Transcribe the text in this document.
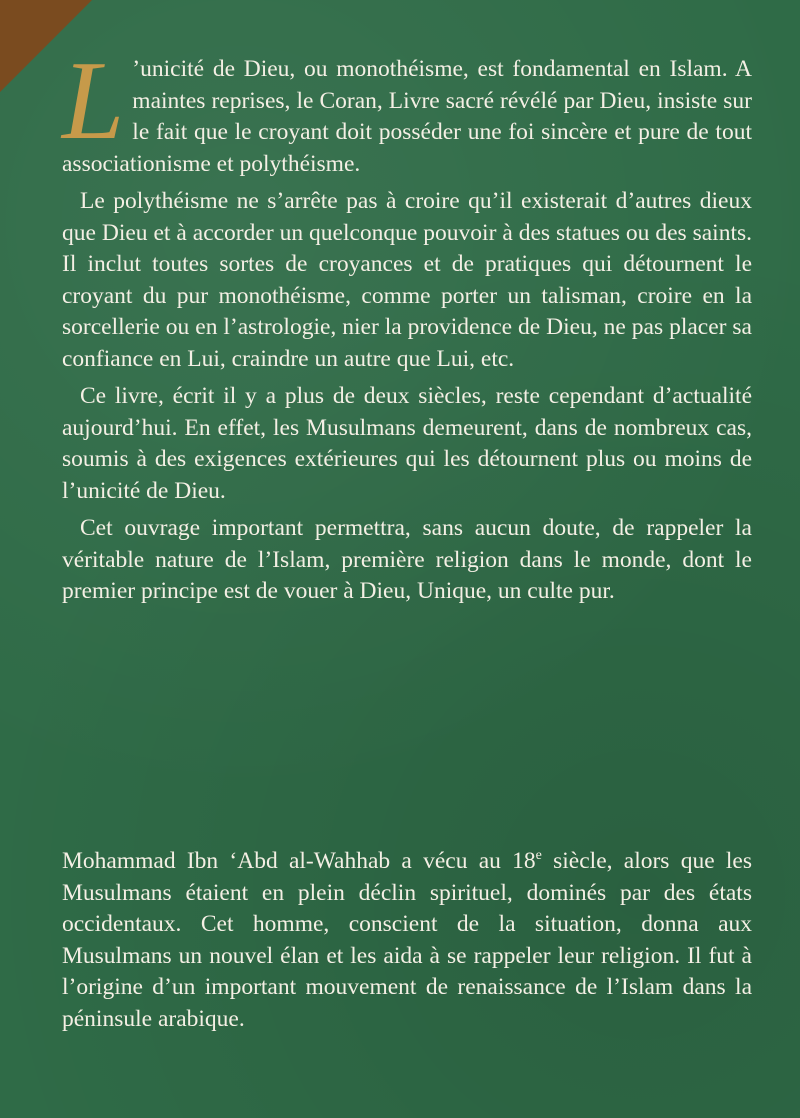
L ’unicité de Dieu, ou monothéisme, est fondamental en Islam. A maintes reprises, le Coran, Livre sacré révélé par Dieu, insiste sur le fait que le croyant doit posséder une foi sincère et pure de tout associationisme et polythéisme.

Le polythéisme ne s’arrête pas à croire qu’il existerait d’autres dieux que Dieu et à accorder un quelconque pouvoir à des statues ou des saints. Il inclut toutes sortes de croyances et de pratiques qui détournent le croyant du pur monothéisme, comme porter un talisman, croire en la sorcellerie ou en l’astrologie, nier la providence de Dieu, ne pas placer sa confiance en Lui, craindre un autre que Lui, etc.

Ce livre, écrit il y a plus de deux siècles, reste cependant d’actualité aujourd’hui. En effet, les Musulmans demeurent, dans de nombreux cas, soumis à des exigences extérieures qui les détournent plus ou moins de l’unicité de Dieu.

Cet ouvrage important permettra, sans aucun doute, de rappeler la véritable nature de l’Islam, première religion dans le monde, dont le premier principe est de vouer à Dieu, Unique, un culte pur.

Mohammad Ibn ‘Abd al-Wahhab a vécu au 18e siècle, alors que les Musulmans étaient en plein déclin spirituel, dominés par des états occidentaux. Cet homme, conscient de la situation, donna aux Musulmans un nouvel élan et les aida à se rappeler leur religion. Il fut à l’origine d’un important mouvement de renaissance de l’Islam dans la péninsule arabique.
